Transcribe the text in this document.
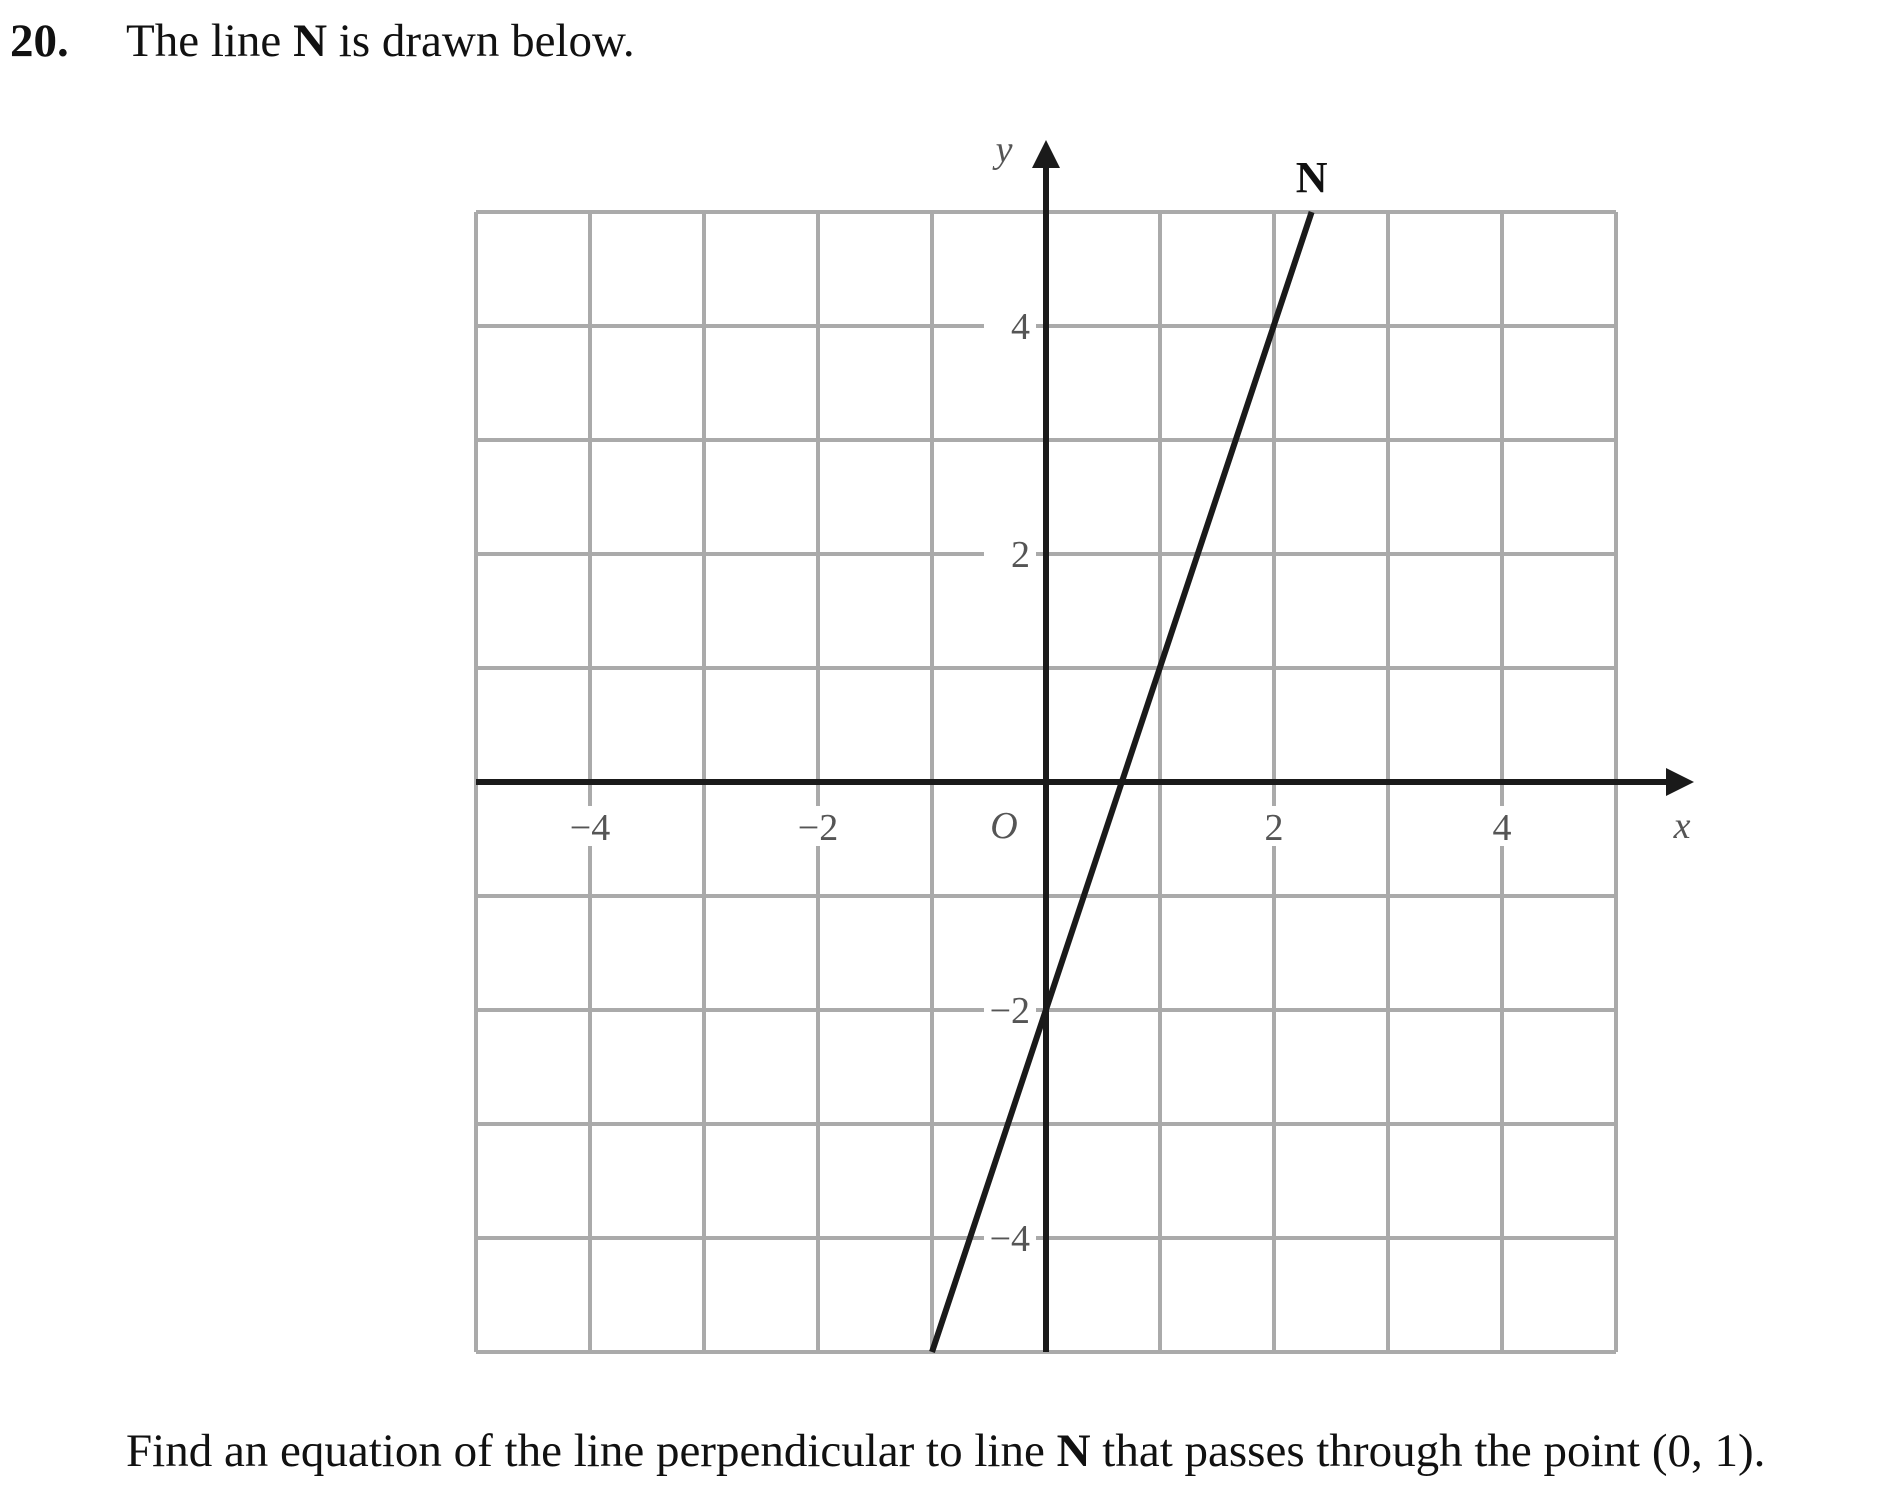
20. The line N is drawn below.
−4	−2	2	4
4
2
−2
−4
O	x
y
N
Find an equation of the line perpendicular to line N that passes through the point (0, 1).
